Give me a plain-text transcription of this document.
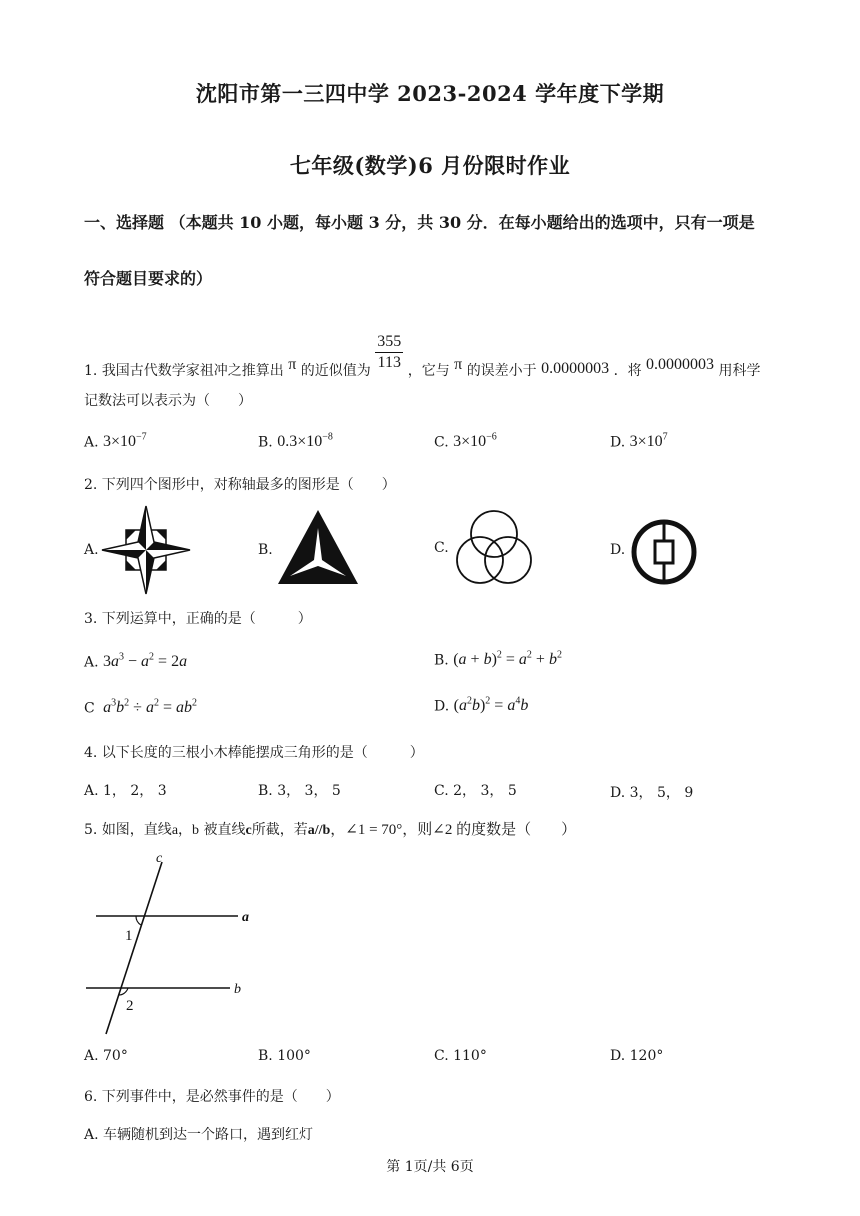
沈阳市第一三四中学 2023-2024 学年度下学期
七年级(数学)6 月份限时作业
一、选择题 （本题共 10 小题，每小题 3 分，共 30 分．在每小题给出的选项中，只有一项是
符合题目要求的）
1. 我国古代数学家祖冲之推算出 π 的近似值为 $\frac{355}{113}$ ，它与 π 的误差小于 0.0000003 ．将 0.0000003 用科学
记数法可以表示为（　　）
A. $3\times 10^{-7}$	B. $0.3\times 10^{-8}$	C. $3\times 10^{-6}$	D. $3\times 10^7$
2. 下列四个图形中，对称轴最多的图形是（　　）
A.	B.	C.	D.
3. 下列运算中，正确的是（　　　）
A. $3a^3 - a^2 = 2a$	B. $(a + b)^2 = a^2 + b^2$
C $a^3b^2 \div a^2 = ab^2$	D. $(a^2b)^2 = a^4b$
4. 以下长度的三根小木棒能摆成三角形的是（　　　）
A. 1， 2， 3	B. 3， 3， 5	C. 2， 3， 5	D. 3， 5， 9
5. 如图，直线a，b 被直线c所截，若a//b，∠1 = 70°，则∠2 的度数是（　　）
c
a
b
1
2
A. 70°	B. 100°	C. 110°	D. 120°
6. 下列事件中，是必然事件的是（　　）
A. 车辆随机到达一个路口，遇到红灯
第 1页/共 6页
